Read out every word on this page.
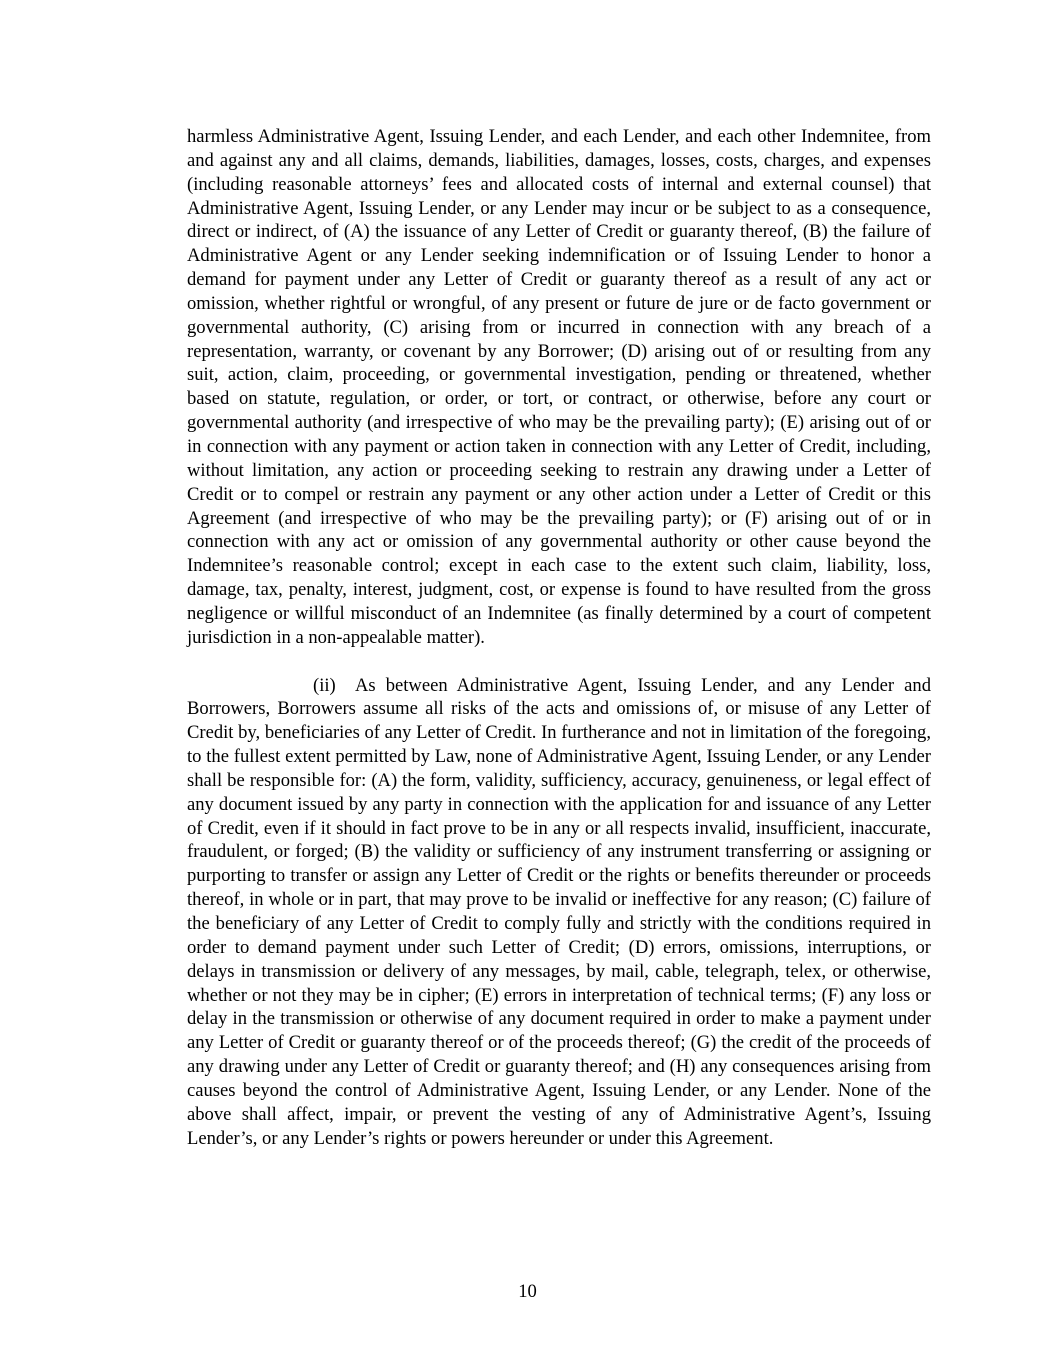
harmless Administrative Agent, Issuing Lender, and each Lender, and each other Indemnitee, from and against any and all claims, demands, liabilities, damages, losses, costs, charges, and expenses (including reasonable attorneys’ fees and allocated costs of internal and external counsel) that Administrative Agent, Issuing Lender, or any Lender may incur or be subject to as a consequence, direct or indirect, of (A) the issuance of any Letter of Credit or guaranty thereof, (B) the failure of Administrative Agent or any Lender seeking indemnification or of Issuing Lender to honor a demand for payment under any Letter of Credit or guaranty thereof as a result of any act or omission, whether rightful or wrongful, of any present or future de jure or de facto government or governmental authority, (C) arising from or incurred in connection with any breach of a representation, warranty, or covenant by any Borrower; (D) arising out of or resulting from any suit, action, claim, proceeding, or governmental investigation, pending or threatened, whether based on statute, regulation, or order, or tort, or contract, or otherwise, before any court or governmental authority (and irrespective of who may be the prevailing party); (E) arising out of or in connection with any payment or action taken in connection with any Letter of Credit, including, without limitation, any action or proceeding seeking to restrain any drawing under a Letter of Credit or to compel or restrain any payment or any other action under a Letter of Credit or this Agreement (and irrespective of who may be the prevailing party); or (F) arising out of or in connection with any act or omission of any governmental authority or other cause beyond the Indemnitee’s reasonable control; except in each case to the extent such claim, liability, loss, damage, tax, penalty, interest, judgment, cost, or expense is found to have resulted from the gross negligence or willful misconduct of an Indemnitee (as finally determined by a court of competent jurisdiction in a non-appealable matter).

(ii) As between Administrative Agent, Issuing Lender, and any Lender and Borrowers, Borrowers assume all risks of the acts and omissions of, or misuse of any Letter of Credit by, beneficiaries of any Letter of Credit. In furtherance and not in limitation of the foregoing, to the fullest extent permitted by Law, none of Administrative Agent, Issuing Lender, or any Lender shall be responsible for: (A) the form, validity, sufficiency, accuracy, genuineness, or legal effect of any document issued by any party in connection with the application for and issuance of any Letter of Credit, even if it should in fact prove to be in any or all respects invalid, insufficient, inaccurate, fraudulent, or forged; (B) the validity or sufficiency of any instrument transferring or assigning or purporting to transfer or assign any Letter of Credit or the rights or benefits thereunder or proceeds thereof, in whole or in part, that may prove to be invalid or ineffective for any reason; (C) failure of the beneficiary of any Letter of Credit to comply fully and strictly with the conditions required in order to demand payment under such Letter of Credit; (D) errors, omissions, interruptions, or delays in transmission or delivery of any messages, by mail, cable, telegraph, telex, or otherwise, whether or not they may be in cipher; (E) errors in interpretation of technical terms; (F) any loss or delay in the transmission or otherwise of any document required in order to make a payment under any Letter of Credit or guaranty thereof or of the proceeds thereof; (G) the credit of the proceeds of any drawing under any Letter of Credit or guaranty thereof; and (H) any consequences arising from causes beyond the control of Administrative Agent, Issuing Lender, or any Lender. None of the above shall affect, impair, or prevent the vesting of any of Administrative Agent’s, Issuing Lender’s, or any Lender’s rights or powers hereunder or under this Agreement.

10
